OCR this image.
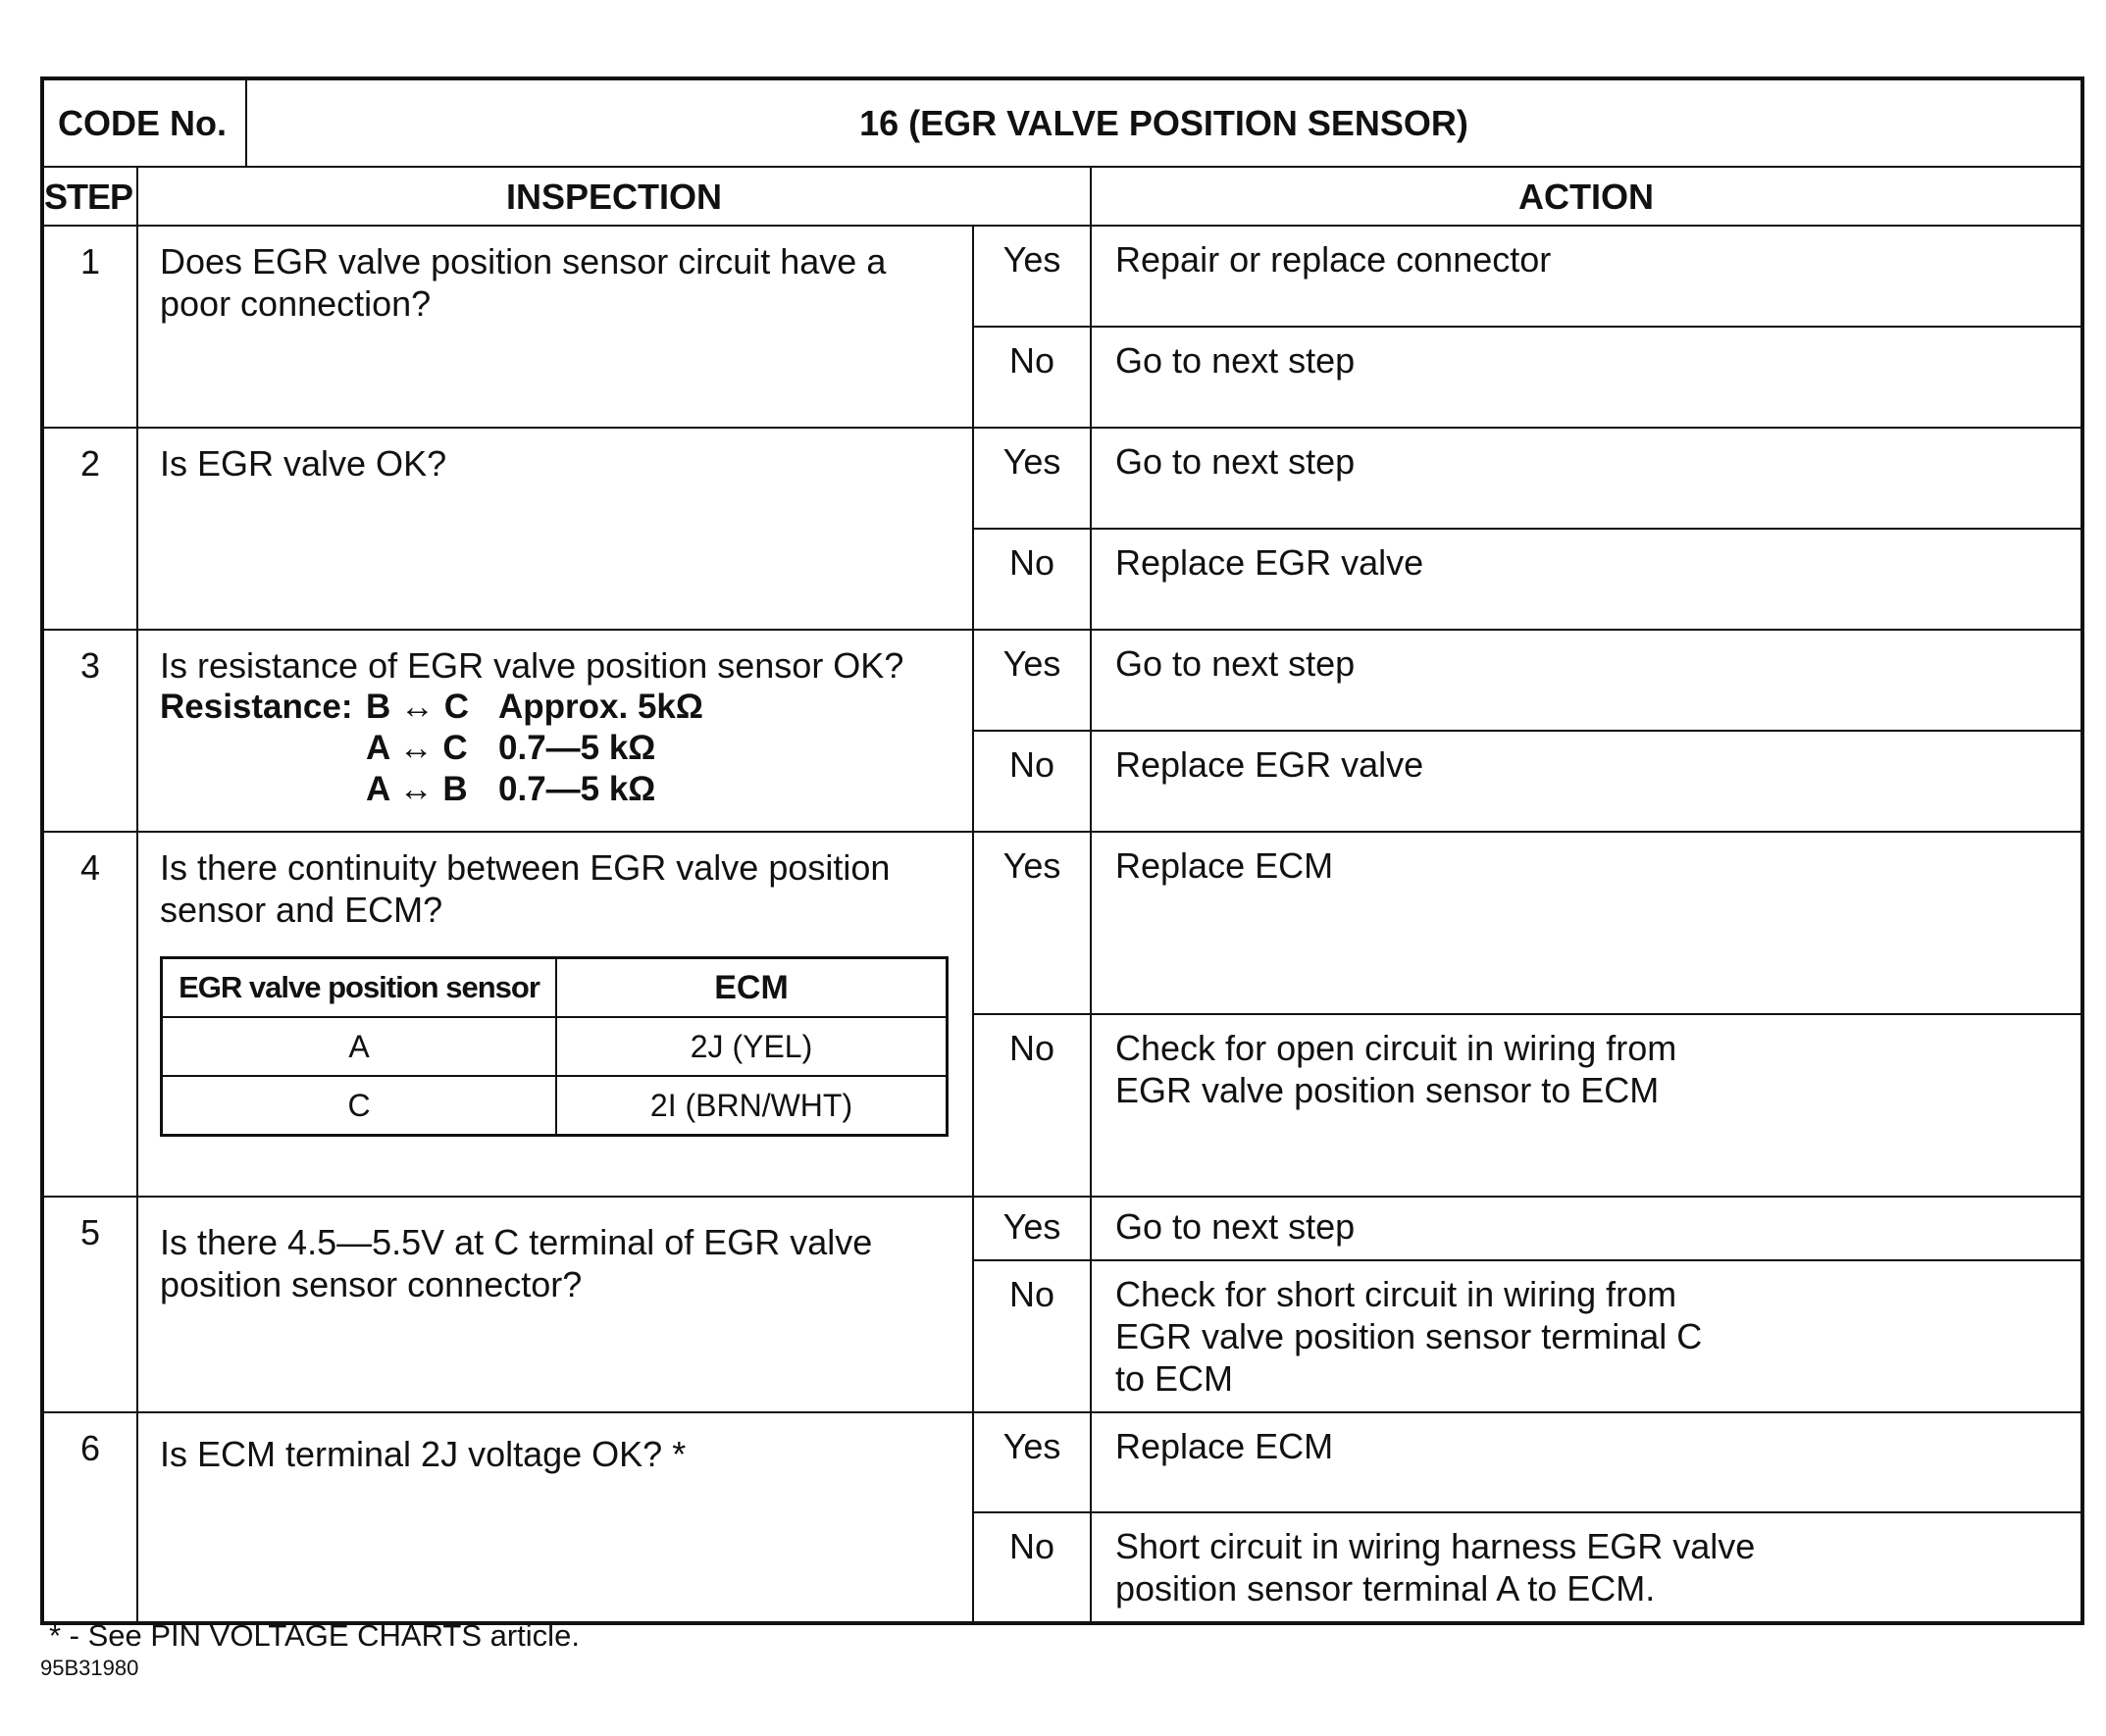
CODE No.	16 (EGR VALVE POSITION SENSOR)
STEP	INSPECTION	ACTION
1	Does EGR valve position sensor circuit have a poor connection?	Yes	Repair or replace connector
No	Go to next step
2	Is EGR valve OK?	Yes	Go to next step
No	Replace EGR valve
3	Is resistance of EGR valve position sensor OK?
Resistance: B ↔ C Approx. 5kΩ
A ↔ C 0.7—5 kΩ
A ↔ B 0.7—5 kΩ
	Yes	Go to next step
No	Replace EGR valve
4	Is there continuity between EGR valve position sensor and ECM?
EGR valve position sensor	ECM
A	2J (YEL)
C	2I (BRN/WHT)
	Yes	Replace ECM
No	Check for open circuit in wiring from
EGR valve position sensor to ECM

5	Is there 4.5—5.5V at C terminal of EGR valve position sensor connector?	Yes	Go to next step
No	Check for short circuit in wiring from
EGR valve position sensor terminal C
to ECM

6	Is ECM terminal 2J voltage OK? *	Yes	Replace ECM
No	Short circuit in wiring harness EGR valve
position sensor terminal A to ECM.
* - See PIN VOLTAGE CHARTS article.
95B31980
